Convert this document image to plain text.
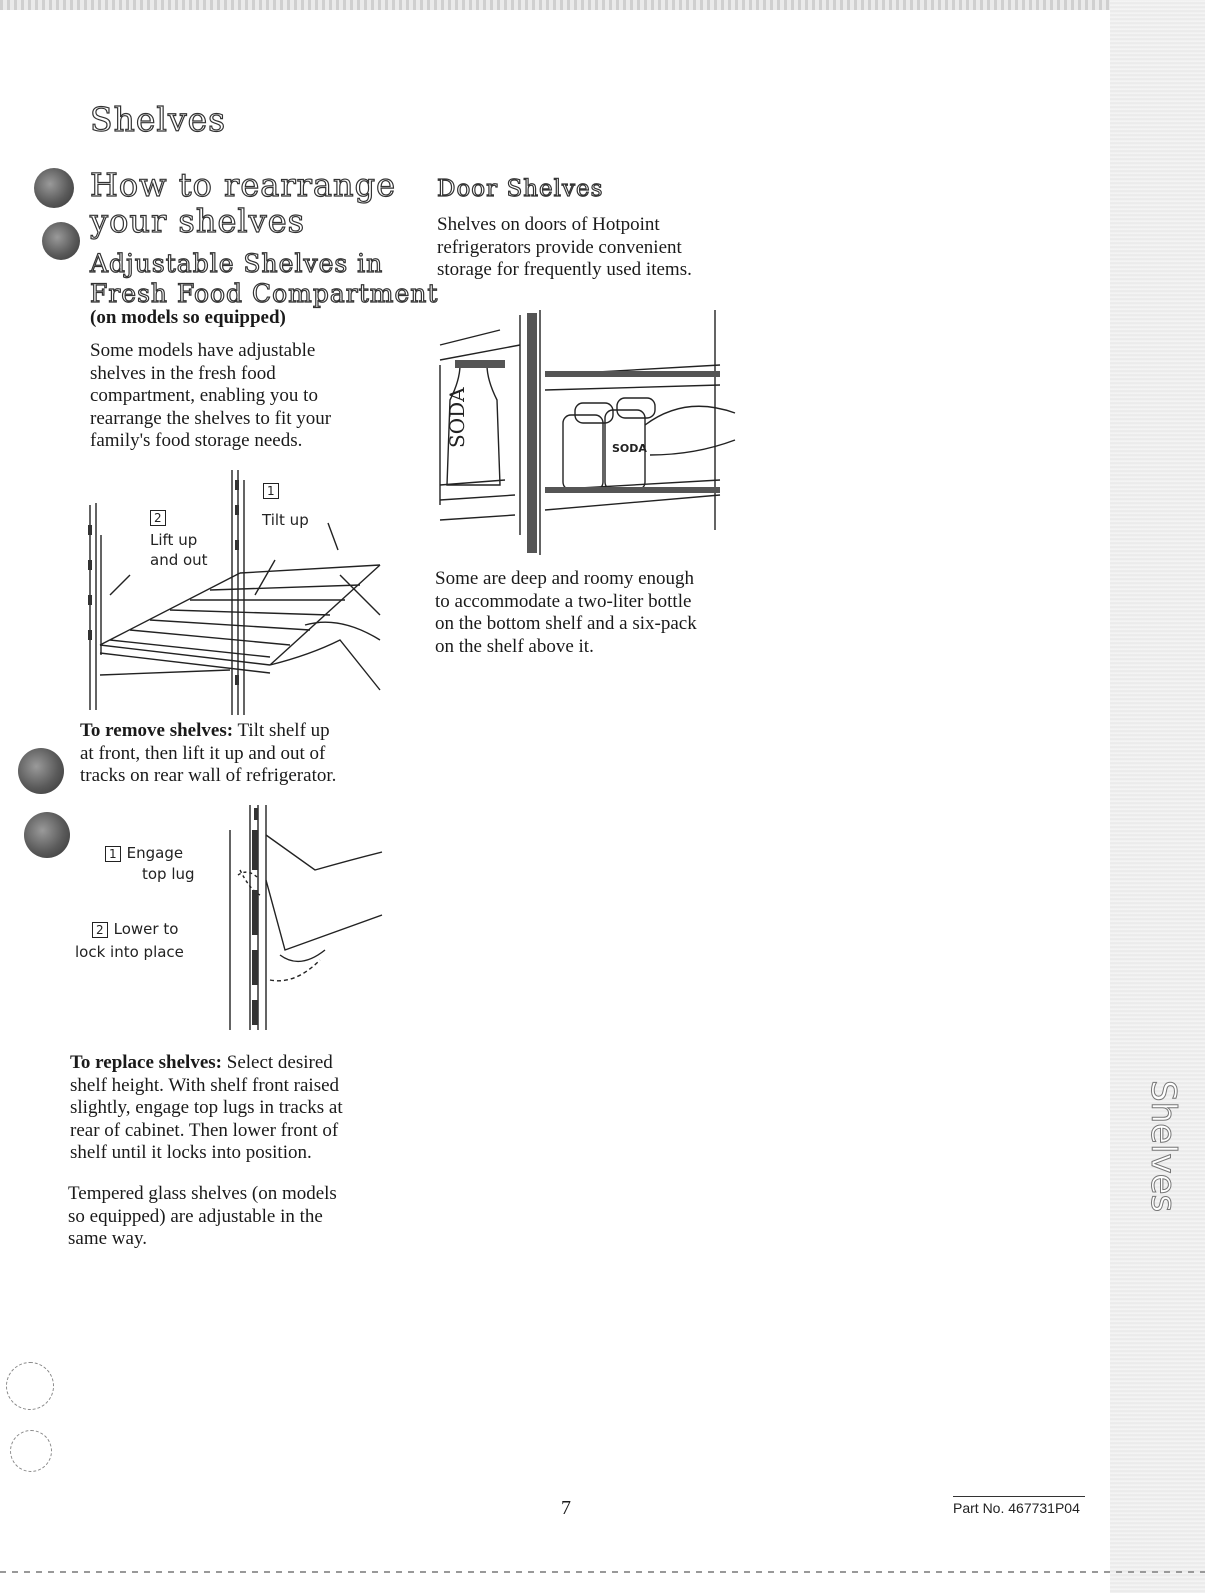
Shelves
Shelves
How to rearrange
your shelves
Adjustable Shelves in
Fresh Food Compartment
(on models so equipped)
Some models have adjustable
shelves in the fresh food
compartment, enabling you to
rearrange the shelves to fit your
family's food storage needs.
1
Tilt up
2
Lift up
and out
To remove shelves: Tilt shelf up
at front, then lift it up and out of
tracks on rear wall of refrigerator.
1 Engage
top lug
2 Lower to
lock into place
To replace shelves: Select desired
shelf height. With shelf front raised
slightly, engage top lugs in tracks at
rear of cabinet. Then lower front of
shelf until it locks into position.
Tempered glass shelves (on models
so equipped) are adjustable in the
same way.
Door Shelves
Shelves on doors of Hotpoint
refrigerators provide convenient
storage for frequently used items.
SODA
SODA
Some are deep and roomy enough
to accommodate a two-liter bottle
on the bottom shelf and a six-pack
on the shelf above it.
7	Part No. 467731P04
